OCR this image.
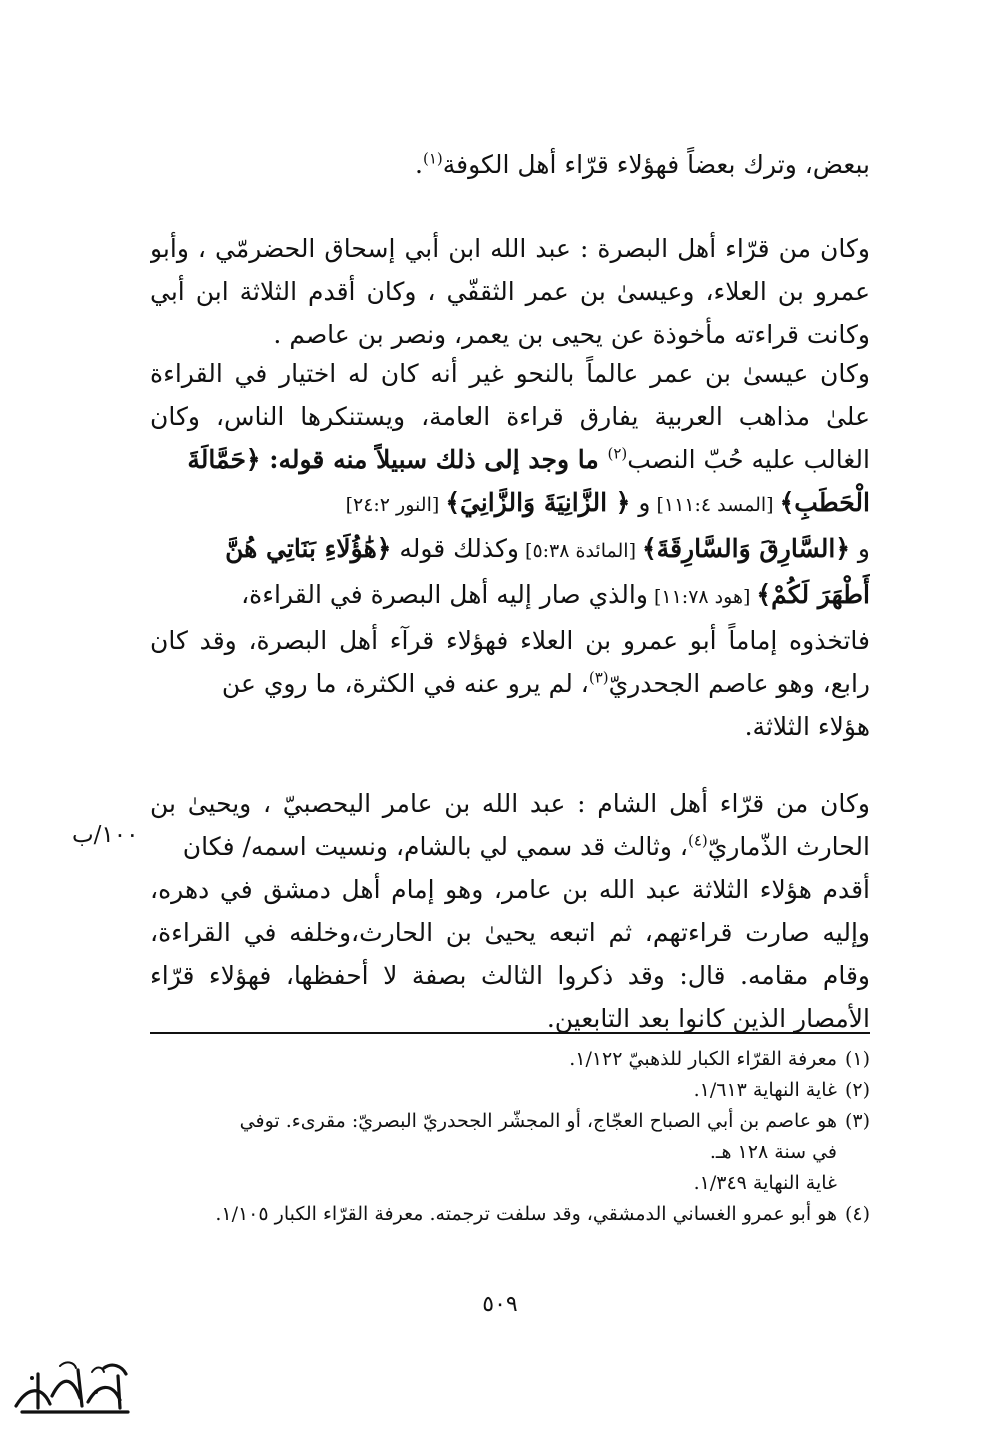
ببعض، وترك بعضاً فهؤلاء قرّاء أهل الكوفة$^{(١)}$.
وكان من قرّاء أهل البصرة : عبد الله ابن أبي إسحاق الحضرمّي ، وأبو
عمرو بن العلاء، وعيسىٰ بن عمر الثقفّي ، وكان أقدم الثلاثة ابن أبي
وكانت قراءته مأخوذة عن يحيى بن يعمر، ونصر بن عاصم .
وكان عيسىٰ بن عمر عالماً بالنحو غير أنه كان له اختيار في القراءة
علىٰ مذاهب العربية يفارق قراءة العامة، ويستنكرها الناس، وكان
الغالب عليه حُبّ النصب$^{(٢)}$ ما وجد إلى ذلك سبيلاً منه قوله: ﴿حَمَّالَةَ
الْحَطَبِ﴾ [المسد ١١١:٤] و ﴿ الزَّانِيَةَ وَالزَّانِيَ﴾ [النور ٢٤:٢]
و ﴿السَّارِقَ وَالسَّارِقَةَ﴾ [المائدة ٥:٣٨] وكذلك قوله ﴿هَٰؤُلَاءِ بَنَاتِي هُنَّ
أَطْهَرَ لَكُمْ﴾ [هود ١١:٧٨] والذي صار إليه أهل البصرة في القراءة،
فاتخذوه إماماً أبو عمرو بن العلاء فهؤلاء قرآء أهل البصرة، وقد كان
رابع، وهو عاصم الجحدريّ$^{(٣)}$، لم يرو عنه في الكثرة، ما روي عن
هؤلاء الثلاثة.
وكان من قرّاء أهل الشام : عبد الله بن عامر اليحصبيّ ، ويحيىٰ بن
الحارث الذّماريّ$^{(٤)}$، وثالث قد سمي لي بالشام، ونسيت اسمه/ فكان
أقدم هؤلاء الثلاثة عبد الله بن عامر، وهو إمام أهل دمشق في دهره،
وإليه صارت قراءتهم، ثم اتبعه يحيىٰ بن الحارث،وخلفه في القراءة،
وقام مقامه. قال: وقد ذكروا الثالث بصفة لا أحفظها، فهؤلاء قرّاء
الأمصار الذين كانوا بعد التابعين.
١٠٠/ب
(١)معرفة القرّاء الكبار للذهبيّ ١/١٢٢.
(٢)غاية النهاية ١/٦١٣.
(٣)هو عاصم بن أبي الصباح العجّاج، أو المجشّر الجحدريّ البصريّ: مقرىء. توفي
في سنة ١٢٨ هـ.
غاية النهاية ١/٣٤٩.
(٤)هو أبو عمرو الغساني الدمشقي، وقد سلفت ترجمته. معرفة القرّاء الكبار ١/١٠٥.
٥٠٩
